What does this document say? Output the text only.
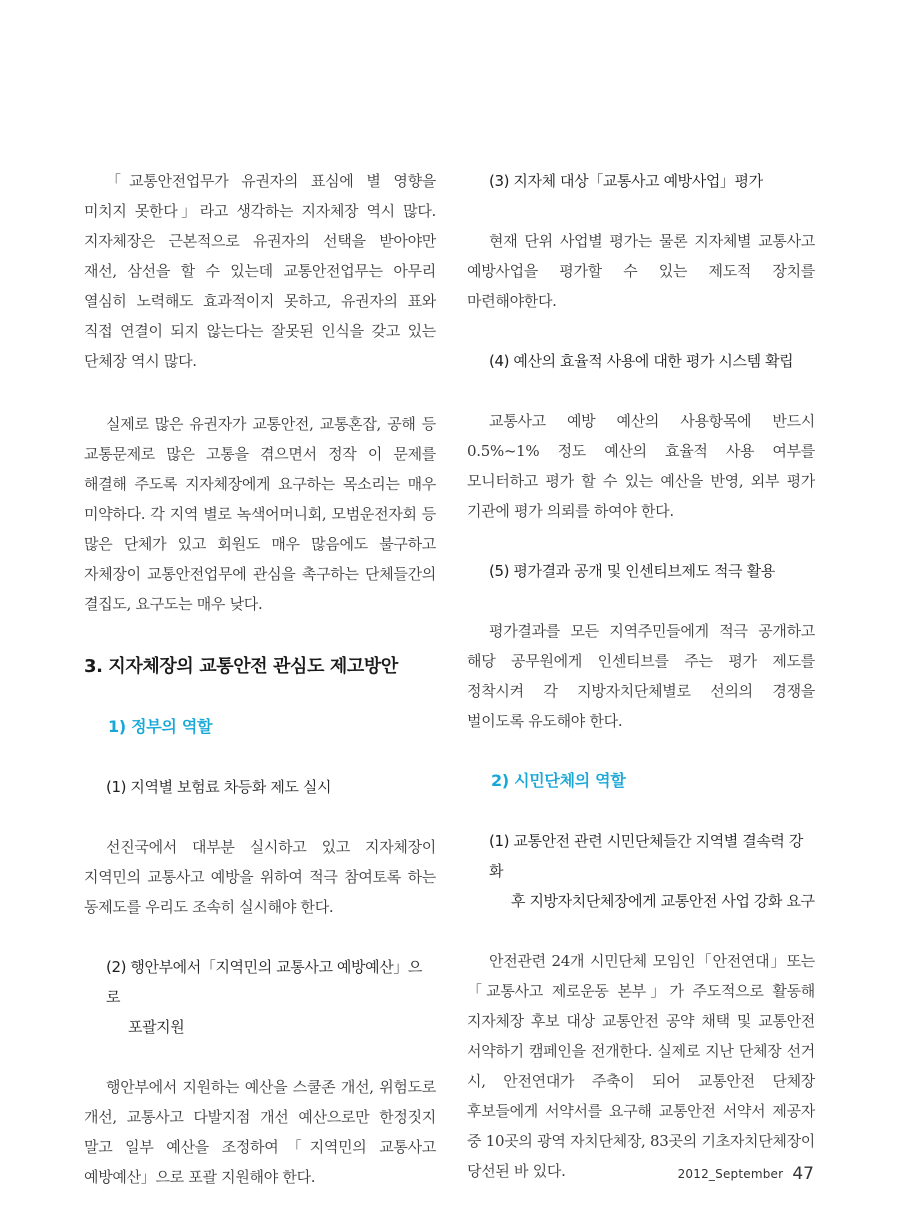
「교통안전업무가 유권자의 표심에 별 영향을 미치지 못한다」라고 생각하는 지자체장 역시 많다. 지자체장은 근본적으로 유권자의 선택을 받아야만 재선, 삼선을 할 수 있는데 교통안전업무는 아무리 열심히 노력해도 효과적이지 못하고, 유권자의 표와 직접 연결이 되지 않는다는 잘못된 인식을 갖고 있는 단체장 역시 많다.

실제로 많은 유권자가 교통안전, 교통혼잡, 공해 등 교통문제로 많은 고통을 겪으면서 정작 이 문제를 해결해 주도록 지자체장에게 요구하는 목소리는 매우 미약하다. 각 지역 별로 녹색어머니회, 모범운전자회 등 많은 단체가 있고 회원도 매우 많음에도 불구하고 자체장이 교통안전업무에 관심을 촉구하는 단체들간의 결집도, 요구도는 매우 낮다.

3. 지자체장의 교통안전 관심도 제고방안
1) 정부의 역할

(1) 지역별 보험료 차등화 제도 실시

선진국에서 대부분 실시하고 있고 지자체장이 지역민의 교통사고 예방을 위하여 적극 참여토록 하는 동제도를 우리도 조속히 실시해야 한다.

(2) 행안부에서「지역민의 교통사고 예방예산」으로
포괄지원

행안부에서 지원하는 예산을 스쿨존 개선, 위험도로 개선, 교통사고 다발지점 개선 예산으로만 한정짓지 말고 일부 예산을 조정하여「지역민의 교통사고 예방예산」으로 포괄 지원해야 한다.

(3) 지자체 대상「교통사고 예방사업」평가

현재 단위 사업별 평가는 물론 지자체별 교통사고 예방사업을 평가할 수 있는 제도적 장치를 마련해야한다.

(4) 예산의 효율적 사용에 대한 평가 시스템 확립

교통사고 예방 예산의 사용항목에 반드시 0.5%~1% 정도 예산의 효율적 사용 여부를 모니터하고 평가 할 수 있는 예산을 반영, 외부 평가 기관에 평가 의뢰를 하여야 한다.

(5) 평가결과 공개 및 인센티브제도 적극 활용

평가결과를 모든 지역주민들에게 적극 공개하고 해당 공무원에게 인센티브를 주는 평가 제도를 정착시켜 각 지방자치단체별로 선의의 경쟁을 벌이도록 유도해야 한다.

2) 시민단체의 역할

(1) 교통안전 관련 시민단체들간 지역별 결속력 강화
후 지방자치단체장에게 교통안전 사업 강화 요구

안전관련 24개 시민단체 모임인「안전연대」또는「교통사고 제로운동 본부」가 주도적으로 활동해 지자체장 후보 대상 교통안전 공약 채택 및 교통안전 서약하기 캠페인을 전개한다. 실제로 지난 단체장 선거 시, 안전연대가 주축이 되어 교통안전 단체장 후보들에게 서약서를 요구해 교통안전 서약서 제공자 중 10곳의 광역 자치단체장, 83곳의 기초자치단체장이 당선된 바 있다.	2012_September 47
